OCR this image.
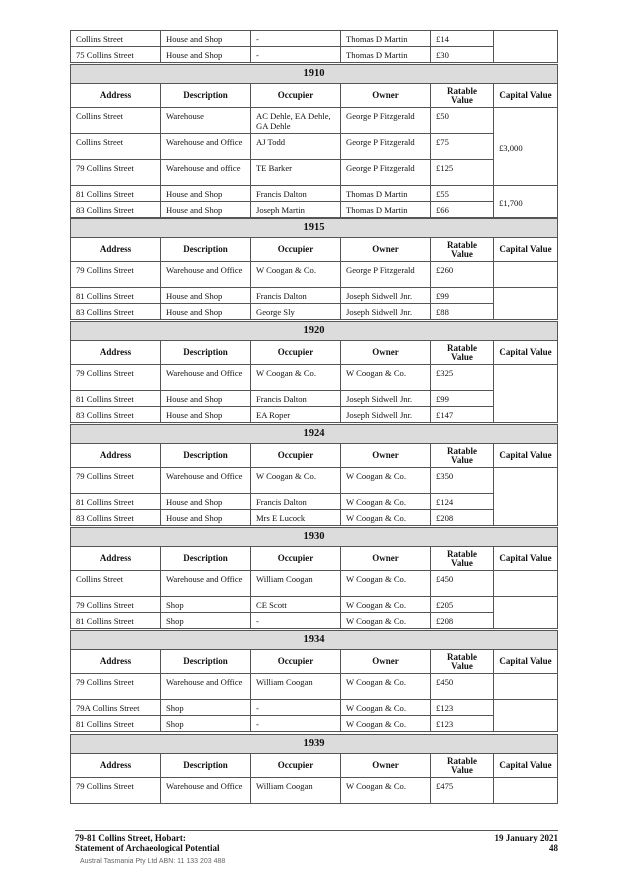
Collins Street	House and Shop	-	Thomas D Martin	£14	
75 Collins Street	House and Shop	-	Thomas D Martin	£30	
1910					
Address	Description	Occupier	Owner	Ratable Value	Capital Value
Collins Street	Warehouse	AC Dehle, EA Dehle, GA Dehle	George P Fitzgerald	£50	£3,000
Collins Street	Warehouse and Office	AJ Todd	George P Fitzgerald	£75	
79 Collins Street	Warehouse and office	TE Barker	George P Fitzgerald	£125	
81 Collins Street	House and Shop	Francis Dalton	Thomas D Martin	£55	£1,700
83 Collins Street	House and Shop	Joseph Martin	Thomas D Martin	£66	
1915					
Address	Description	Occupier	Owner	Ratable Value	Capital Value
79 Collins Street	Warehouse and Office	W Coogan & Co.	George P Fitzgerald	£260	
81 Collins Street	House and Shop	Francis Dalton	Joseph Sidwell Jnr.	£99	
83 Collins Street	House and Shop	George Sly	Joseph Sidwell Jnr.	£88	
1920					
Address	Description	Occupier	Owner	Ratable Value	Capital Value
79 Collins Street	Warehouse and Office	W Coogan & Co.	W Coogan & Co.	£325	
81 Collins Street	House and Shop	Francis Dalton	Joseph Sidwell Jnr.	£99	
83 Collins Street	House and Shop	EA Roper	Joseph Sidwell Jnr.	£147	
1924					
Address	Description	Occupier	Owner	Ratable Value	Capital Value
79 Collins Street	Warehouse and Office	W Coogan & Co.	W Coogan & Co.	£350	
81 Collins Street	House and Shop	Francis Dalton	W Coogan & Co.	£124	
83 Collins Street	House and Shop	Mrs E Lucock	W Coogan & Co.	£208	
1930					
Address	Description	Occupier	Owner	Ratable Value	Capital Value
Collins Street	Warehouse and Office	William Coogan	W Coogan & Co.	£450	
79 Collins Street	Shop	CE Scott	W Coogan & Co.	£205	
81 Collins Street	Shop	-	W Coogan & Co.	£208	
1934					
Address	Description	Occupier	Owner	Ratable Value	Capital Value
79 Collins Street	Warehouse and Office	William Coogan	W Coogan & Co.	£450	
79A Collins Street	Shop	-	W Coogan & Co.	£123	
81 Collins Street	Shop	-	W Coogan & Co.	£123	
1939					
Address	Description	Occupier	Owner	Ratable Value	Capital Value
79 Collins Street	Warehouse and Office	William Coogan	W Coogan & Co.	£475	
79-81 Collins Street, Hobart:
Statement of Archaeological Potential
19 January 2021
48
Austral Tasmania Pty Ltd ABN: 11 133 203 488
